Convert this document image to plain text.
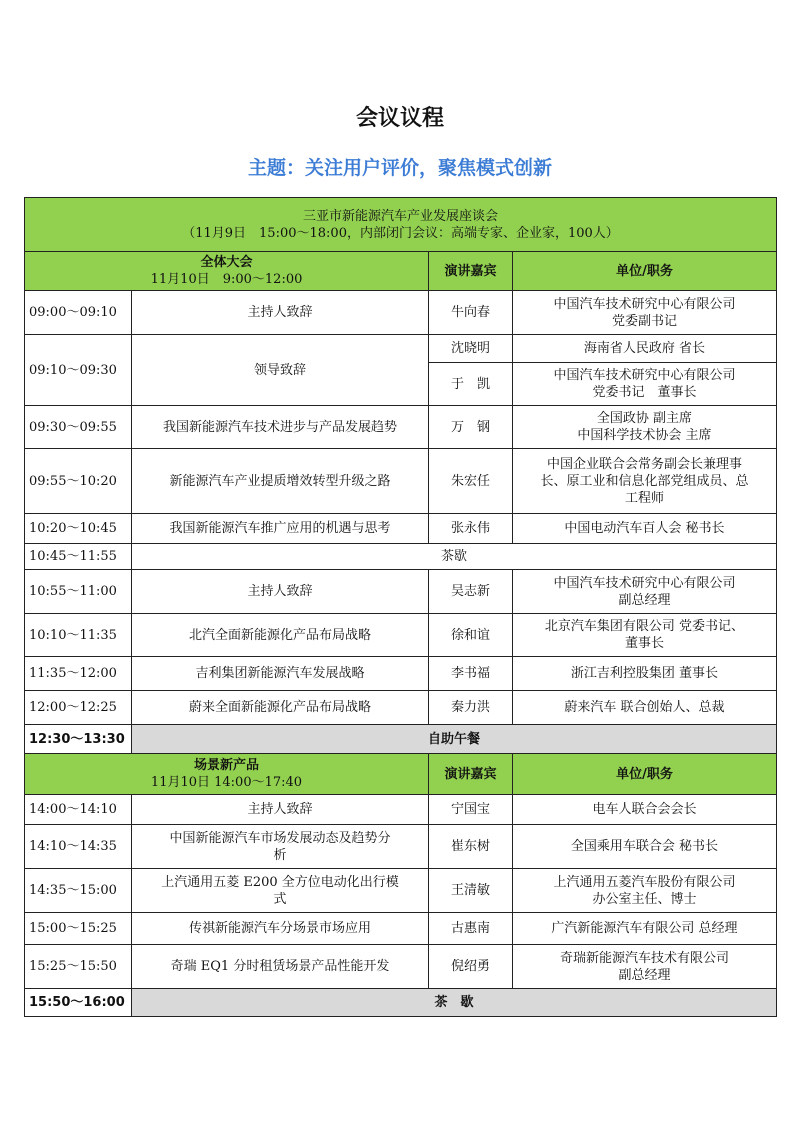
会议议程
主题：关注用户评价，聚焦模式创新
三亚市新能源汽车产业发展座谈会
（11月9日　15:00～18:00，内部闭门会议：高端专家、企业家，100人）			

全体大会
11月10日　9:00～12:00		演讲嘉宾	单位/职务
09:00～09:10	主持人致辞	牛向春	中国汽车技术研究中心有限公司
党委副书记

09:10～09:30	领导致辞	沈晓明	海南省人民政府 省长
		于　凯	中国汽车技术研究中心有限公司
党委书记　董事长

09:30～09:55	我国新能源汽车技术进步与产品发展趋势	万　钢	全国政协 副主席
中国科学技术协会 主席

09:55～10:20	新能源汽车产业提质增效转型升级之路	朱宏任	中国企业联合会常务副会长兼理事
长、原工业和信息化部党组成员、总
工程师

10:20～10:45	我国新能源汽车推广应用的机遇与思考	张永伟	中国电动汽车百人会 秘书长
10:45～11:55	茶歇		
10:55～11:00	主持人致辞	吴志新	中国汽车技术研究中心有限公司
副总经理

10:10～11:35	北汽全面新能源化产品布局战略	徐和谊	北京汽车集团有限公司 党委书记、
董事长

11:35～12:00	吉利集团新能源汽车发展战略	李书福	浙江吉利控股集团 董事长
12:00～12:25	蔚来全面新能源化产品布局战略	秦力洪	蔚来汽车 联合创始人、总裁
12:30～13:30	自助午餐		

场景新产品
11月10日 14:00～17:40		演讲嘉宾	单位/职务
14:00～14:10	主持人致辞	宁国宝	电车人联合会会长
14:10～14:35	中国新能源汽车市场发展动态及趋势分
析	崔东树	全国乘用车联合会 秘书长
14:35～15:00	上汽通用五菱 E200 全方位电动化出行模
式	王清敏	上汽通用五菱汽车股份有限公司
办公室主任、博士

15:00～15:25	传祺新能源汽车分场景市场应用	古惠南	广汽新能源汽车有限公司 总经理
15:25～15:50	奇瑞 EQ1 分时租赁场景产品性能开发	倪绍勇	奇瑞新能源汽车技术有限公司
副总经理

15:50～16:00	茶　歇		
